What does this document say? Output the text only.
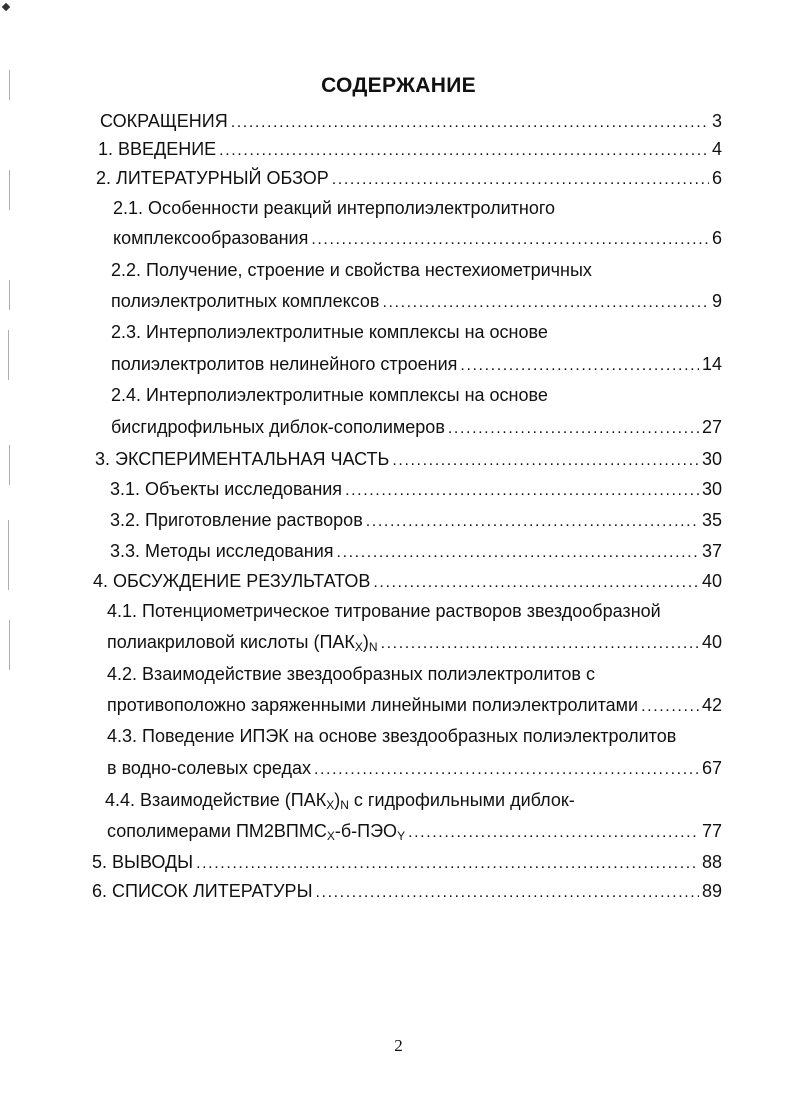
СОДЕРЖАНИЕ
СОКРАЩЕНИЯ .....	3
1. ВВЕДЕНИЕ .....	4
2. ЛИТЕРАТУРНЫЙ ОБЗОР .....	6
2.1. Особенности реакций интерполиэлектролитного
комплексообразования .....	6
2.2. Получение, строение и свойства нестехиометричных
полиэлектролитных комплексов .....	9
2.3. Интерполиэлектролитные комплексы на основе
полиэлектролитов нелинейного строения .....	14
2.4. Интерполиэлектролитные комплексы на основе
бисгидрофильных диблок-сополимеров .....	27
3. ЭКСПЕРИМЕНТАЛЬНАЯ ЧАСТЬ .....	30
3.1. Объекты исследования .....	30
3.2. Приготовление растворов .....	35
3.3. Методы исследования .....	37
4. ОБСУЖДЕНИЕ РЕЗУЛЬТАТОВ .....	40
4.1. Потенциометрическое титрование растворов звездообразной
полиакриловой кислоты $(ПАК_X)_N$ .....	40
4.2. Взаимодействие звездообразных полиэлектролитов с
противоположно заряженными линейными полиэлектролитами .....	42
4.3. Поведение ИПЭК на основе звездообразных полиэлектролитов
в водно-солевых средах .....	67
4.4. Взаимодействие $(ПАК_X)_N$ с гидрофильными диблок-
сополимерами $ПМ2ВПМС_X-б-ПЭО_Y$ .....	77
5. ВЫВОДЫ .....	88
6. СПИСОК ЛИТЕРАТУРЫ .....	89
2
